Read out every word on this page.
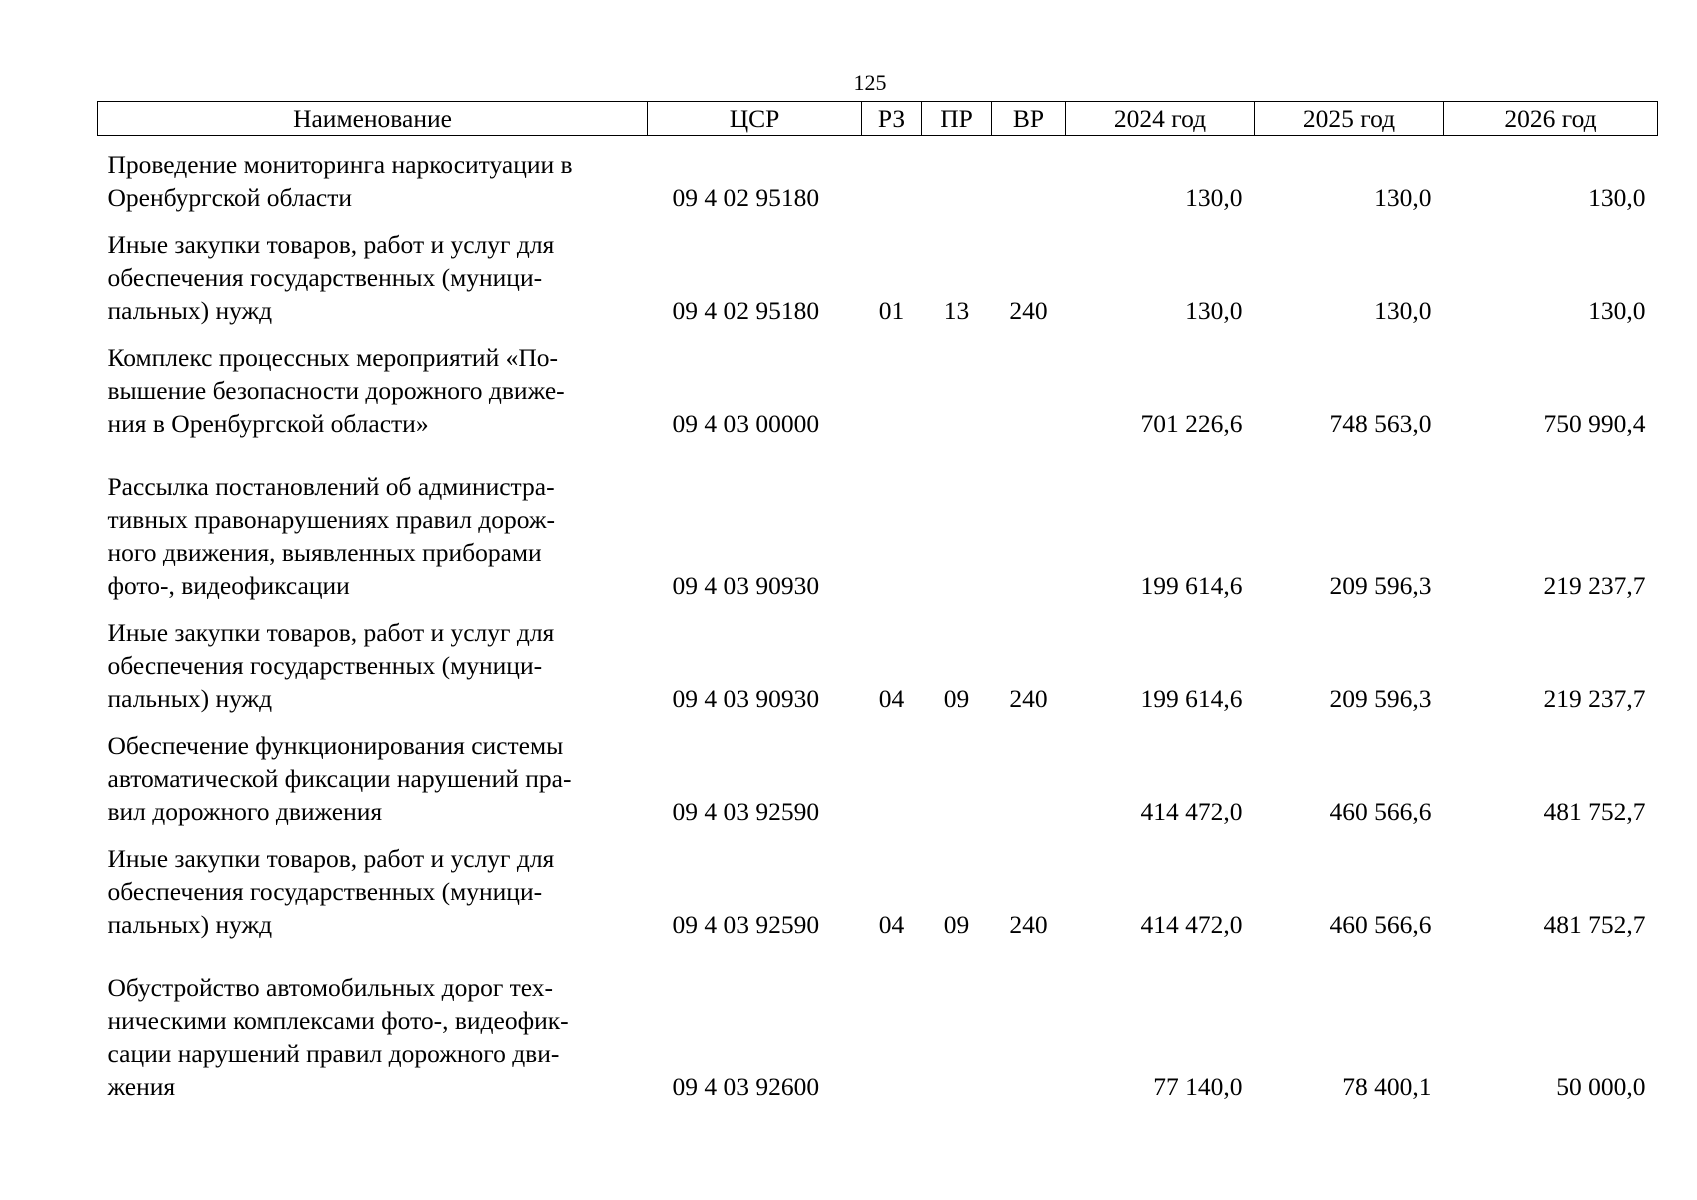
125
Наименование	ЦСР	РЗ	ПР	ВР	2024 год	2025 год	2026 год

Проведение мониторинга наркоситуации в
Оренбургской области	09 4 02 95180				130,0	130,0	130,0

Иные закупки товаров, работ и услуг для
обеспечения государственных (муници-
пальных) нужд	09 4 02 95180	01	13	240	130,0	130,0	130,0

Комплекс процессных мероприятий «По-
вышение безопасности дорожного движе-
ния в Оренбургской области»	09 4 03 00000				701 226,6	748 563,0	750 990,4

Рассылка постановлений об администра-
тивных правонарушениях правил дорож-
ного движения, выявленных приборами
фото-, видеофиксации	09 4 03 90930				199 614,6	209 596,3	219 237,7

Иные закупки товаров, работ и услуг для
обеспечения государственных (муници-
пальных) нужд	09 4 03 90930	04	09	240	199 614,6	209 596,3	219 237,7

Обеспечение функционирования системы
автоматической фиксации нарушений пра-
вил дорожного движения	09 4 03 92590				414 472,0	460 566,6	481 752,7

Иные закупки товаров, работ и услуг для
обеспечения государственных (муници-
пальных) нужд	09 4 03 92590	04	09	240	414 472,0	460 566,6	481 752,7

Обустройство автомобильных дорог тех-
ническими комплексами фото-, видеофик-
сации нарушений правил дорожного дви-
жения	09 4 03 92600				77 140,0	78 400,1	50 000,0
